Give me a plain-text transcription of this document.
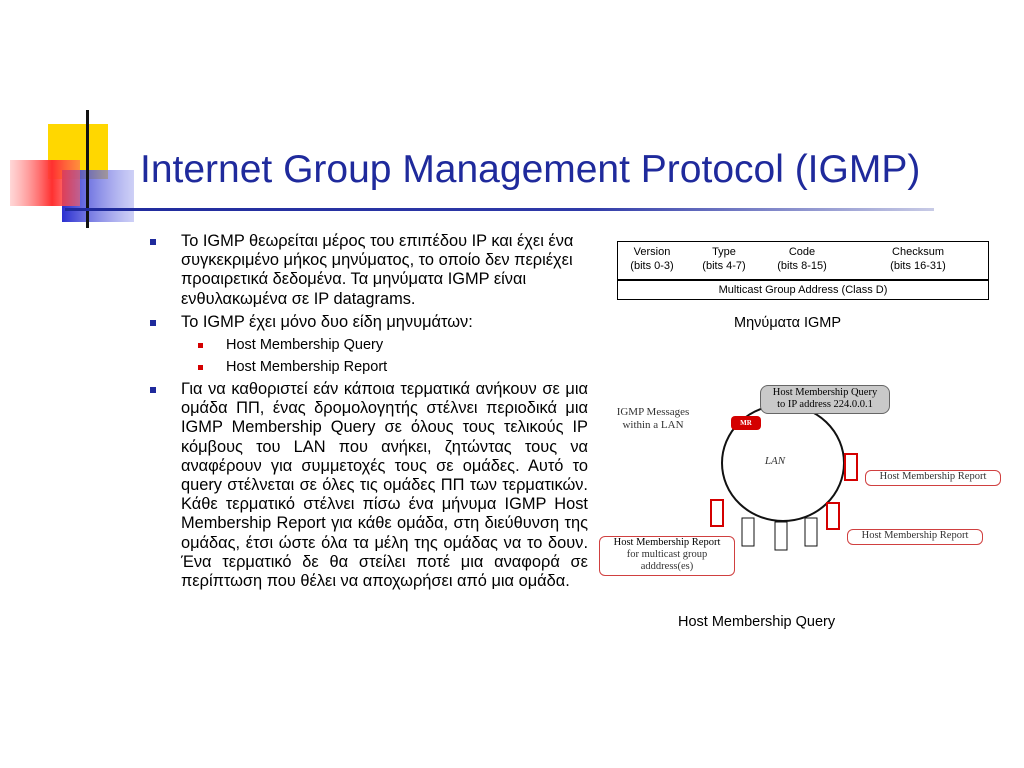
Internet Group Management Protocol (IGMP)
Το IGMP θεωρείται μέρος του επιπέδου IP και έχει ένα συγκεκριμένο μήκος μηνύματος, το οποίο δεν περιέχει προαιρετικά δεδομένα. Τα μηνύματα IGMP είναι ενθυλακωμένα σε IP datagrams.
Το IGMP έχει μόνο δυο είδη μηνυμάτων:
Host Membership Query
Host Membership Report
Για να καθοριστεί εάν κάποια τερματικά ανήκουν σε μια ομάδα ΠΠ, ένας δρομολογητής στέλνει περιοδικά μια IGMP Membership Query σε όλους τους τελικούς IP κόμβους του LAN που ανήκει, ζητώντας τους να αναφέρουν για συμμετοχές τους σε ομάδες. Αυτό το query στέλνεται σε όλες τις ομάδες ΠΠ των τερματικών. Κάθε τερματικό στέλνει πίσω ένα μήνυμα IGMP Host Membership Report για κάθε ομάδα, στη διεύθυνση της ομάδας, έτσι ώστε όλα τα μέλη της ομάδας να το δουν. Ένα τερματικό δε θα στείλει ποτέ μια αναφορά σε περίπτωση που θέλει να αποχωρήσει από μια ομάδα.
Version
(bits 0-3)
Type
(bits 4-7)
Code
(bits 8-15)
Checksum
(bits 16-31)
Multicast Group Address (Class D)
Μηνύματα IGMP
IGMP Messages
within a LAN
Host Membership Query
to IP address 224.0.0.1
MR
LAN
Host Membership Report
Host Membership Report
Host Membership Report
for multicast group
adddress(es)
Host Membership Query
